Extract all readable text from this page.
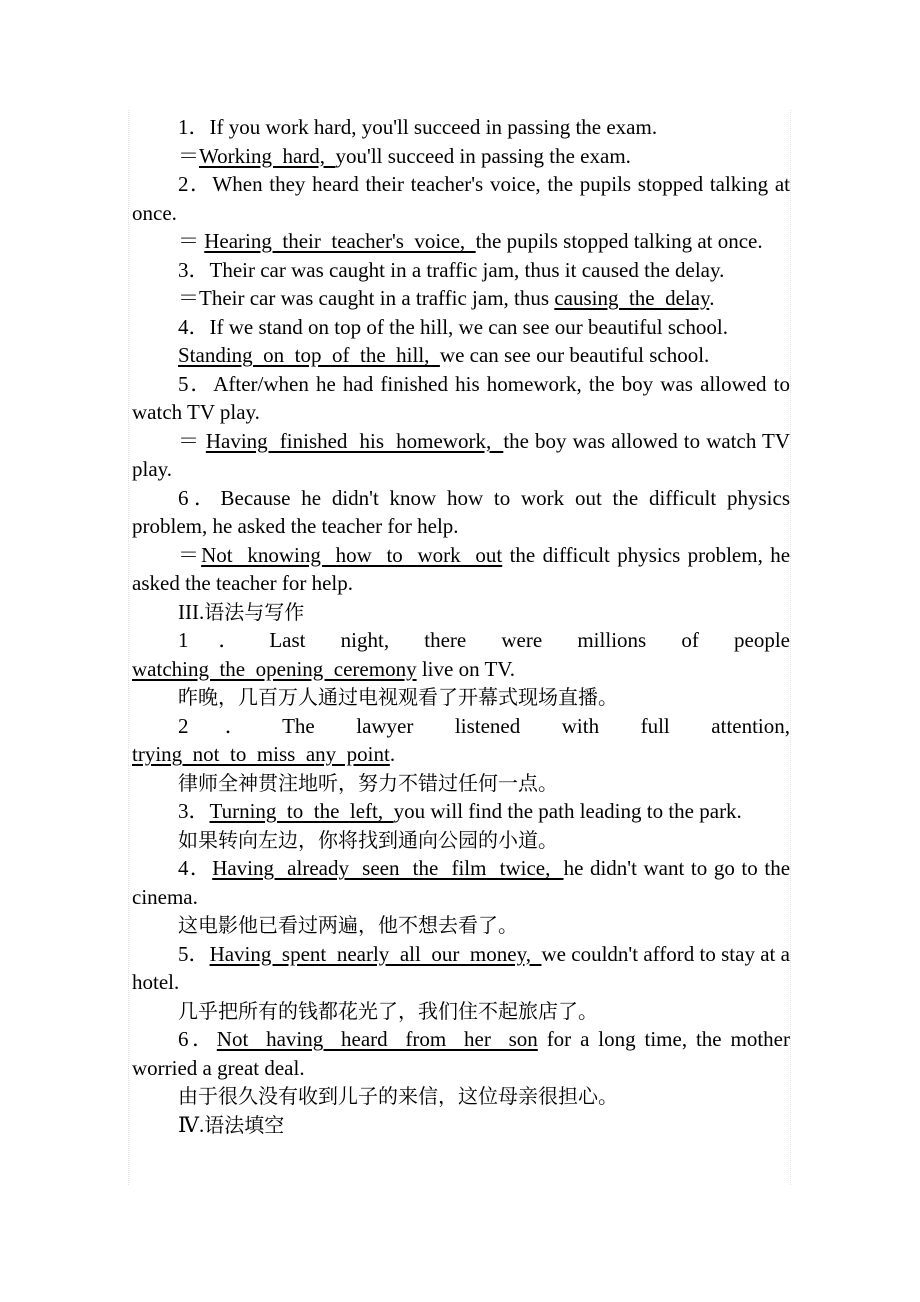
1．If you work hard, you'll succeed in passing the exam.

＝Working  hard,  you'll succeed in passing the exam.

2．When they heard their teacher's voice, the pupils stopped talking at once.

＝ Hearing  their  teacher's  voice,  the pupils stopped talking at once.

3．Their car was caught in a traffic jam, thus it caused the delay.

＝Their car was caught in a traffic jam, thus causing  the  delay.

4．If we stand on top of the hill, we can see our beautiful school.

Standing  on  top  of  the  hill,  we can see our beautiful school.

5．After/when he had finished his homework, the boy was allowed to watch TV play.

＝ Having  finished  his  homework,  the boy was allowed to watch TV play.

6．Because he didn't know how to work out the difficult physics problem, he asked the teacher for help.

＝Not  knowing  how  to  work  out the difficult physics problem, he asked the teacher for help.

III.语法与写作

1．Last night, there were millions of people watching  the  opening  ceremony live on TV.

昨晚，几百万人通过电视观看了开幕式现场直播。

2．The lawyer listened with full attention, trying  not  to  miss  any  point.

律师全神贯注地听，努力不错过任何一点。

3．Turning  to  the  left,  you will find the path leading to the park.

如果转向左边，你将找到通向公园的小道。

4．Having  already  seen  the  film  twice,  he didn't want to go to the cinema.

这电影他已看过两遍，他不想去看了。

5．Having  spent  nearly  all  our  money,  we couldn't afford to stay at a hotel.

几乎把所有的钱都花光了，我们住不起旅店了。

6．Not  having  heard  from  her  son for a long time, the mother worried a great deal.

由于很久没有收到儿子的来信，这位母亲很担心。

Ⅳ.语法填空
